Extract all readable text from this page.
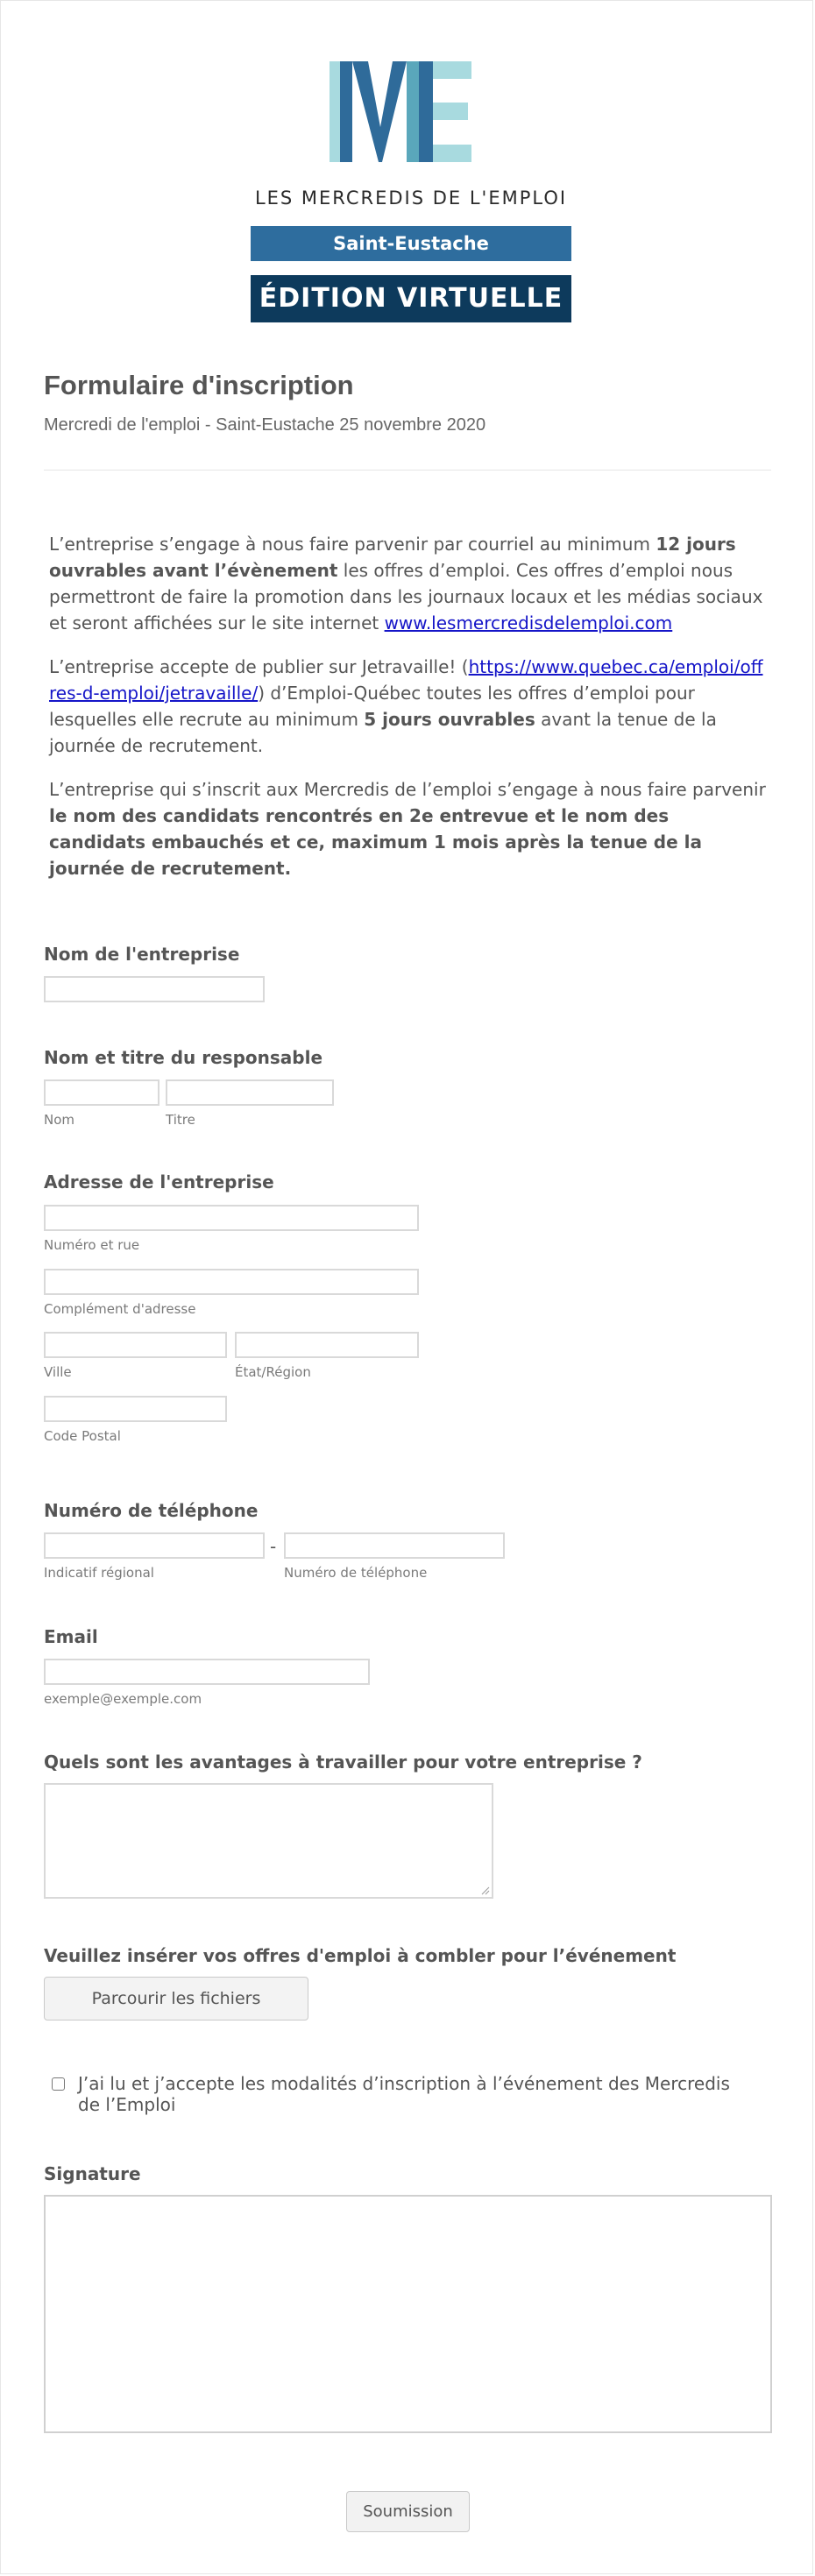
LES MERCREDIS DE L'EMPLOI
Saint-Eustache
ÉDITION VIRTUELLE
Formulaire d'inscription
Mercredi de l'emploi - Saint-Eustache 25 novembre 2020
L’entreprise s’engage à nous faire parvenir par courriel au minimum 12 jours ouvrables avant l’évènement les offres d’emploi. Ces offres d’emploi nous permettront de faire la promotion dans les journaux locaux et les médias sociaux et seront affichées sur le site internet www.lesmercredisdelemploi.com
L’entreprise accepte de publier sur Jetravaille! (https://www.quebec.ca/emploi/offres-d-emploi/jetravaille/) d’Emploi-Québec toutes les offres d’emploi pour lesquelles elle recrute au minimum 5 jours ouvrables avant la tenue de la journée de recrutement.
L’entreprise qui s’inscrit aux Mercredis de l’emploi s’engage à nous faire parvenir le nom des candidats rencontrés en 2e entrevue et le nom des candidats embauchés et ce, maximum 1 mois après la tenue de la journée de recrutement.
Nom de l'entreprise
Nom et titre du responsable
Nom	Titre
Adresse de l'entreprise
Numéro et rue
Complément d'adresse
Ville	État/Région
Code Postal
Numéro de téléphone
-
Indicatif régional	Numéro de téléphone
Email
exemple@exemple.com
Quels sont les avantages à travailler pour votre entreprise ?
Veuillez insérer vos offres d'emploi à combler pour l’événement
Parcourir les fichiers
J’ai lu et j’accepte les modalités d’inscription à l’événement des Mercredis de l’Emploi
Signature
Soumission
